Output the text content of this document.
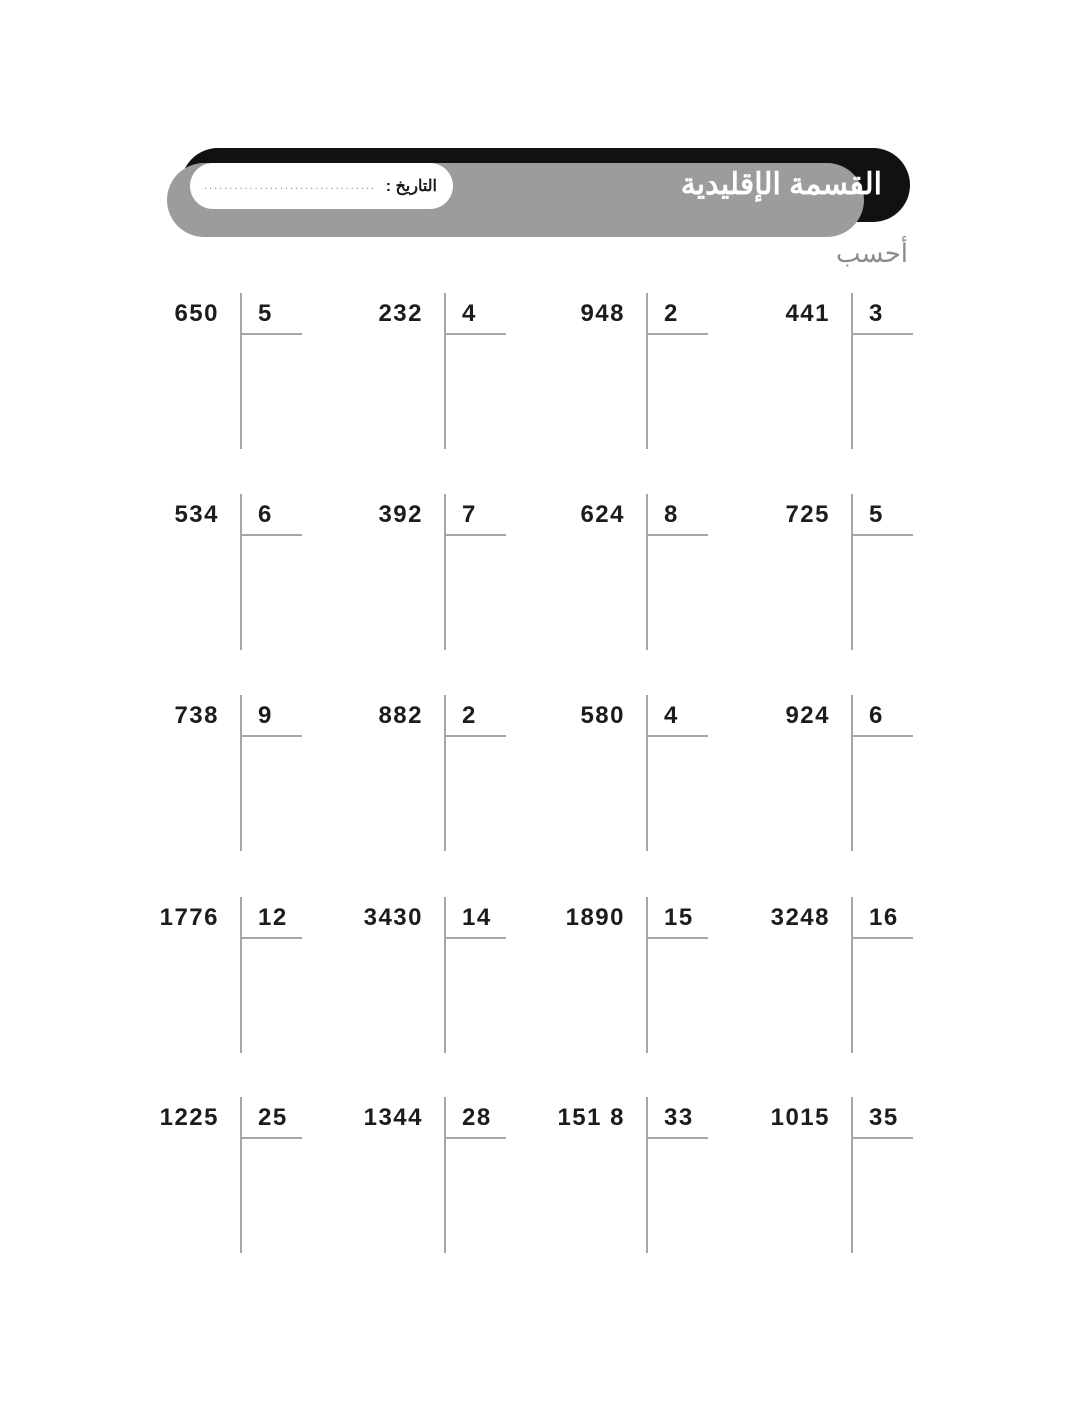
القسمة الإقليدية
التاريخ :
..................................
أحسب
650	5	232	4	948	2	441	3
534	6	392	7	624	8	725	5
738	9	882	2	580	4	924	6
1776	12	3430	14	1890	15	3248	16
1225	25	1344	28	151 8	33	1015	35
